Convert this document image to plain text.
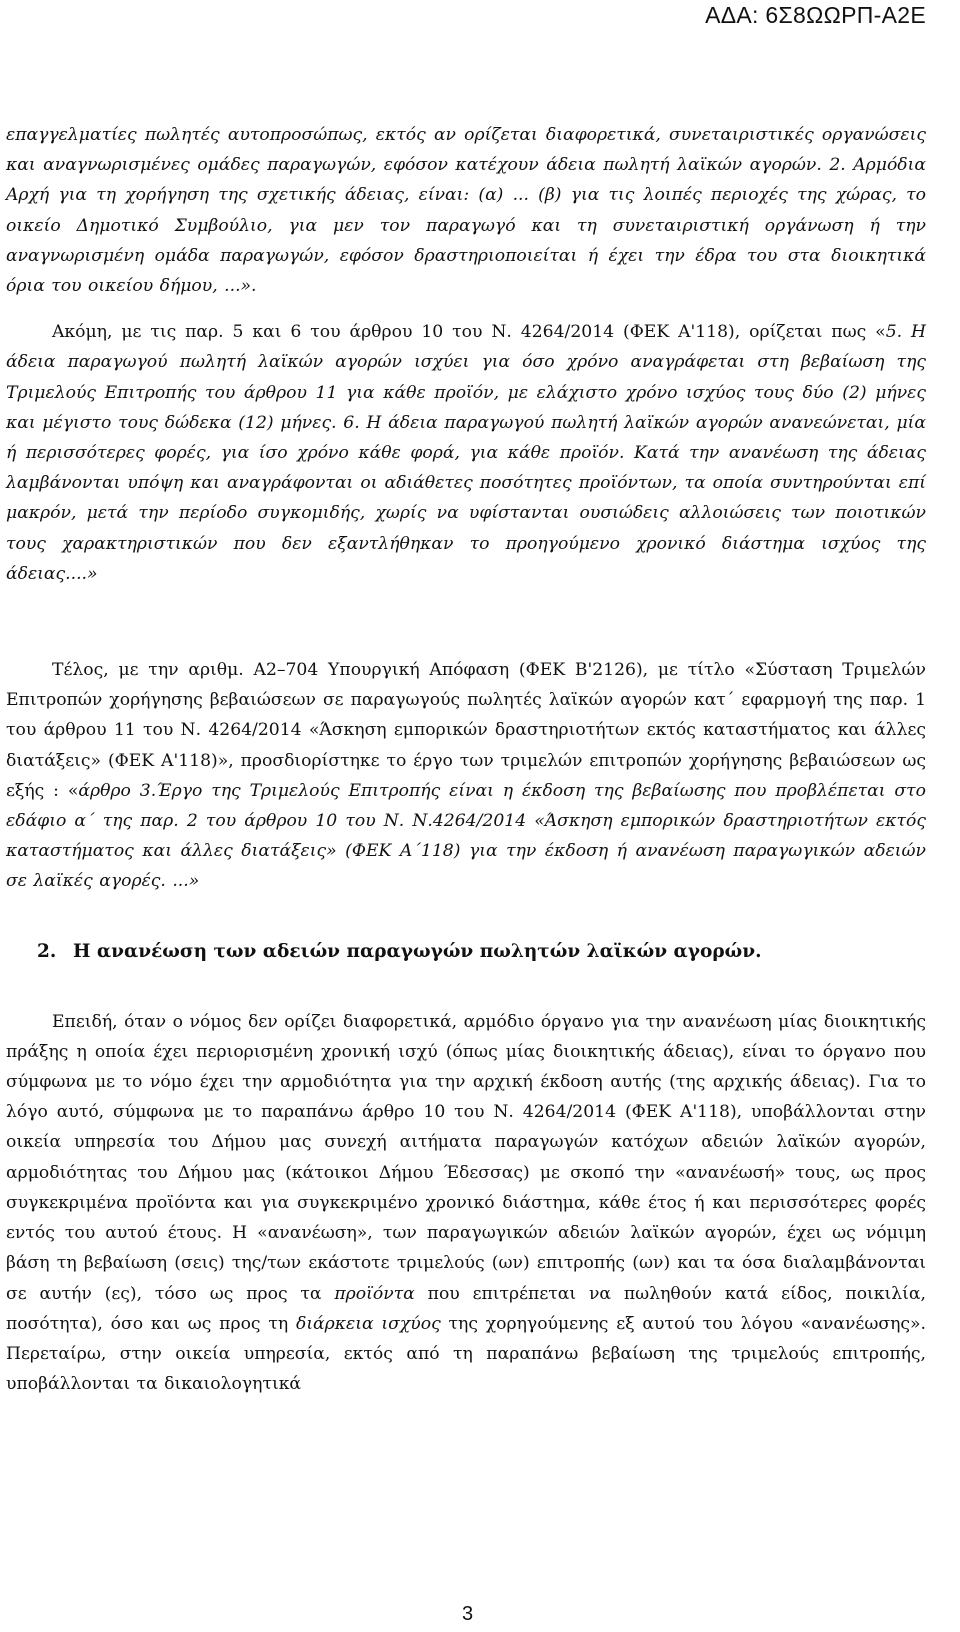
ΑΔΑ: 6Σ8ΩΩΡΠ-Α2Ε
επαγγελματίες πωλητές αυτοπροσώπως, εκτός αν ορίζεται διαφορετικά, συνεταιριστικές οργανώσεις και αναγνωρισμένες ομάδες παραγωγών, εφόσον κατέχουν άδεια πωλητή λαϊκών αγορών. 2. Αρμόδια Αρχή για τη χορήγηση της σχετικής άδειας, είναι: (α) ... (β) για τις λοιπές περιοχές της χώρας, το οικείο Δημοτικό Συμβούλιο, για μεν τον παραγωγό και τη συνεταιριστική οργάνωση ή την αναγνωρισμένη ομάδα παραγωγών, εφόσον δραστηριοποιείται ή έχει την έδρα του στα διοικητικά όρια του οικείου δήμου, ...».
Ακόμη, με τις παρ. 5 και 6 του άρθρου 10 του Ν. 4264/2014 (ΦΕΚ Α'118), ορίζεται πως «5. Η άδεια παραγωγού πωλητή λαϊκών αγορών ισχύει για όσο χρόνο αναγράφεται στη βεβαίωση της Τριμελούς Επιτροπής του άρθρου 11 για κάθε προϊόν, με ελάχιστο χρόνο ισχύος τους δύο (2) μήνες και μέγιστο τους δώδεκα (12) μήνες. 6. Η άδεια παραγωγού πωλητή λαϊκών αγορών ανανεώνεται, μία ή περισσότερες φορές, για ίσο χρόνο κάθε φορά, για κάθε προϊόν. Κατά την ανανέωση της άδειας λαμβάνονται υπόψη και αναγράφονται οι αδιάθετες ποσότητες προϊόντων, τα οποία συντηρούνται επί μακρόν, μετά την περίοδο συγκομιδής, χωρίς να υφίστανται ουσιώδεις αλλοιώσεις των ποιοτικών τους χαρακτηριστικών που δεν εξαντλήθηκαν το προηγούμενο χρονικό διάστημα ισχύος της άδειας....»
Τέλος, με την αριθμ. Α2–704 Υπουργική Απόφαση (ΦΕΚ Β'2126), με τίτλο «Σύσταση Τριμελών Επιτροπών χορήγησης βεβαιώσεων σε παραγωγούς πωλητές λαϊκών αγορών κατ΄ εφαρμογή της παρ. 1 του άρθρου 11 του Ν. 4264/2014 «Άσκηση εμπορικών δραστηριοτήτων εκτός καταστήματος και άλλες διατάξεις» (ΦΕΚ Α'118)», προσδιορίστηκε το έργο των τριμελών επιτροπών χορήγησης βεβαιώσεων ως εξής : «άρθρο 3.Έργο της Τριμελούς Επιτροπής είναι η έκδοση της βεβαίωσης που προβλέπεται στο εδάφιο α΄ της παρ. 2 του άρθρου 10 του Ν. Ν.4264/2014 «Άσκηση εμπορικών δραστηριοτήτων εκτός καταστήματος και άλλες διατάξεις» (ΦΕΚ Α΄118) για την έκδοση ή ανανέωση παραγωγικών αδειών σε λαϊκές αγορές. ...»
2. Η ανανέωση των αδειών παραγωγών πωλητών λαϊκών αγορών.
Επειδή, όταν ο νόμος δεν ορίζει διαφορετικά, αρμόδιο όργανο για την ανανέωση μίας διοικητικής πράξης η οποία έχει περιορισμένη χρονική ισχύ (όπως μίας διοικητικής άδειας), είναι το όργανο που σύμφωνα με το νόμο έχει την αρμοδιότητα για την αρχική έκδοση αυτής (της αρχικής άδειας). Για το λόγο αυτό, σύμφωνα με το παραπάνω άρθρο 10 του Ν. 4264/2014 (ΦΕΚ Α'118), υποβάλλονται στην οικεία υπηρεσία του Δήμου μας συνεχή αιτήματα παραγωγών κατόχων αδειών λαϊκών αγορών, αρμοδιότητας του Δήμου μας (κάτοικοι Δήμου Έδεσσας) με σκοπό την «ανανέωσή» τους, ως προς συγκεκριμένα προϊόντα και για συγκεκριμένο χρονικό διάστημα, κάθε έτος ή και περισσότερες φορές εντός του αυτού έτους. Η «ανανέωση», των παραγωγικών αδειών λαϊκών αγορών, έχει ως νόμιμη βάση τη βεβαίωση (σεις) της/των εκάστοτε τριμελούς (ων) επιτροπής (ων) και τα όσα διαλαμβάνονται σε αυτήν (ες), τόσο ως προς τα προϊόντα που επιτρέπεται να πωληθούν κατά είδος, ποικιλία, ποσότητα), όσο και ως προς τη διάρκεια ισχύος της χορηγούμενης εξ αυτού του λόγου «ανανέωσης». Περεταίρω, στην οικεία υπηρεσία, εκτός από τη παραπάνω βεβαίωση της τριμελούς επιτροπής, υποβάλλονται τα δικαιολογητικά
3
